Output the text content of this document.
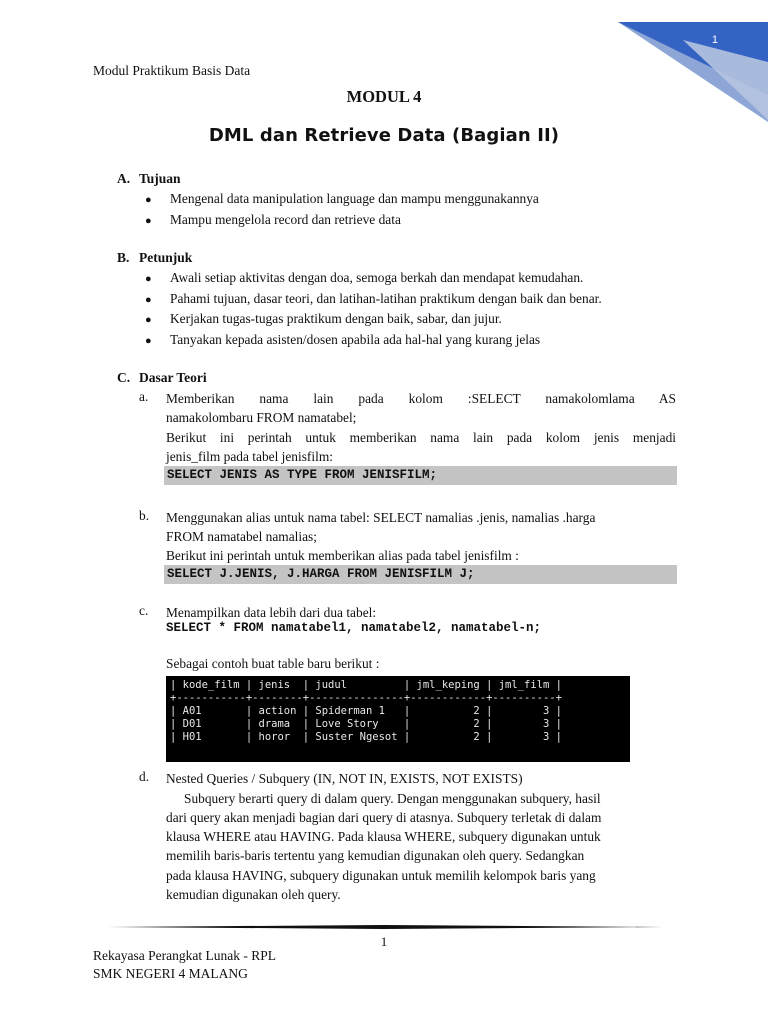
1
Modul Praktikum Basis Data
MODUL 4
DML dan Retrieve Data (Bagian II)
A. Tujuan
● Mengenal data manipulation language dan mampu menggunakannya
● Mampu mengelola record dan retrieve data
B. Petunjuk
● Awali setiap aktivitas dengan doa, semoga berkah dan mendapat kemudahan.
● Pahami tujuan, dasar teori, dan latihan-latihan praktikum dengan baik dan benar.
● Kerjakan tugas-tugas praktikum dengan baik, sabar, dan jujur.
● Tanyakan kepada asisten/dosen apabila ada hal-hal yang kurang jelas
C. Dasar Teori
a. Memberikan nama lain pada kolom :SELECT namakolomlama AS
namakolombaru FROM namatabel;
Berikut ini perintah untuk memberikan nama lain pada kolom jenis menjadi
jenis_film pada tabel jenisfilm:
SELECT JENIS AS TYPE FROM JENISFILM;
b. Menggunakan alias untuk nama tabel: SELECT namalias .jenis, namalias .harga
FROM namatabel namalias;
Berikut ini perintah untuk memberikan alias pada tabel jenisfilm :
SELECT J.JENIS, J.HARGA FROM JENISFILM J;
c. Menampilkan data lebih dari dua tabel:
SELECT * FROM namatabel1, namatabel2, namatabel-n;
Sebagai contoh buat table baru berikut :
| kode_film | jenis  | judul         | jml_keping | jml_film |
+-----------+--------+---------------+------------+----------+
| A01       | action | Spiderman 1   |          2 |        3 |
| D01       | drama  | Love Story    |          2 |        3 |
| H01       | horor  | Suster Ngesot |          2 |        3 |
d. Nested Queries / Subquery (IN, NOT IN, EXISTS, NOT EXISTS)
Subquery berarti query di dalam query. Dengan menggunakan subquery, hasil
dari query akan menjadi bagian dari query di atasnya. Subquery terletak di dalam
klausa WHERE atau HAVING. Pada klausa WHERE, subquery digunakan untuk
memilih baris-baris tertentu yang kemudian digunakan oleh query. Sedangkan
pada klausa HAVING, subquery digunakan untuk memilih kelompok baris yang
kemudian digunakan oleh query.
1
Rekayasa Perangkat Lunak - RPL
SMK NEGERI 4 MALANG
